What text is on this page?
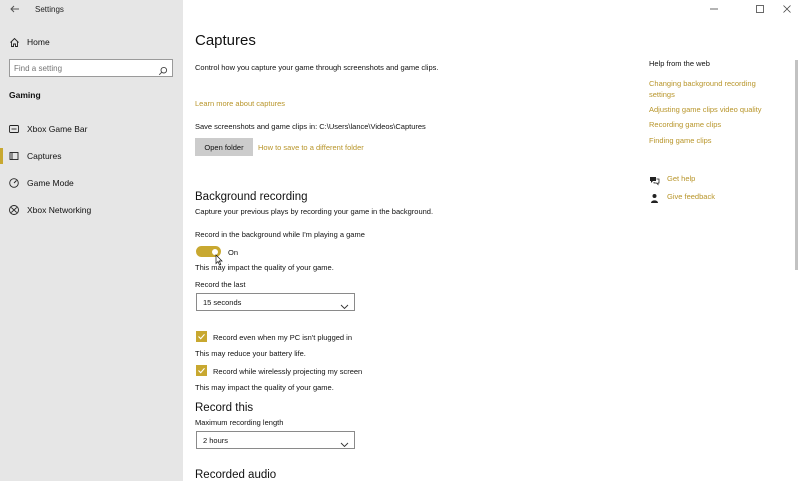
Settings
Home
Find a setting
Gaming
Xbox Game Bar
Captures
Game Mode
Xbox Networking
Captures
Control how you capture your game through screenshots and game clips.
Learn more about captures
Save screenshots and game clips in: C:\Users\lance\Videos\Captures
Open folder	How to save to a different folder
Background recording
Capture your previous plays by recording your game in the background.
Record in the background while I'm playing a game
On
This may impact the quality of your game.
Record the last
15 seconds
Record even when my PC isn't plugged in
This may reduce your battery life.
Record while wirelessly projecting my screen
This may impact the quality of your game.
Record this
Maximum recording length
2 hours
Recorded audio
Help from the web
Changing background recording settings
Adjusting game clips video quality
Recording game clips
Finding game clips
Get help
Give feedback
